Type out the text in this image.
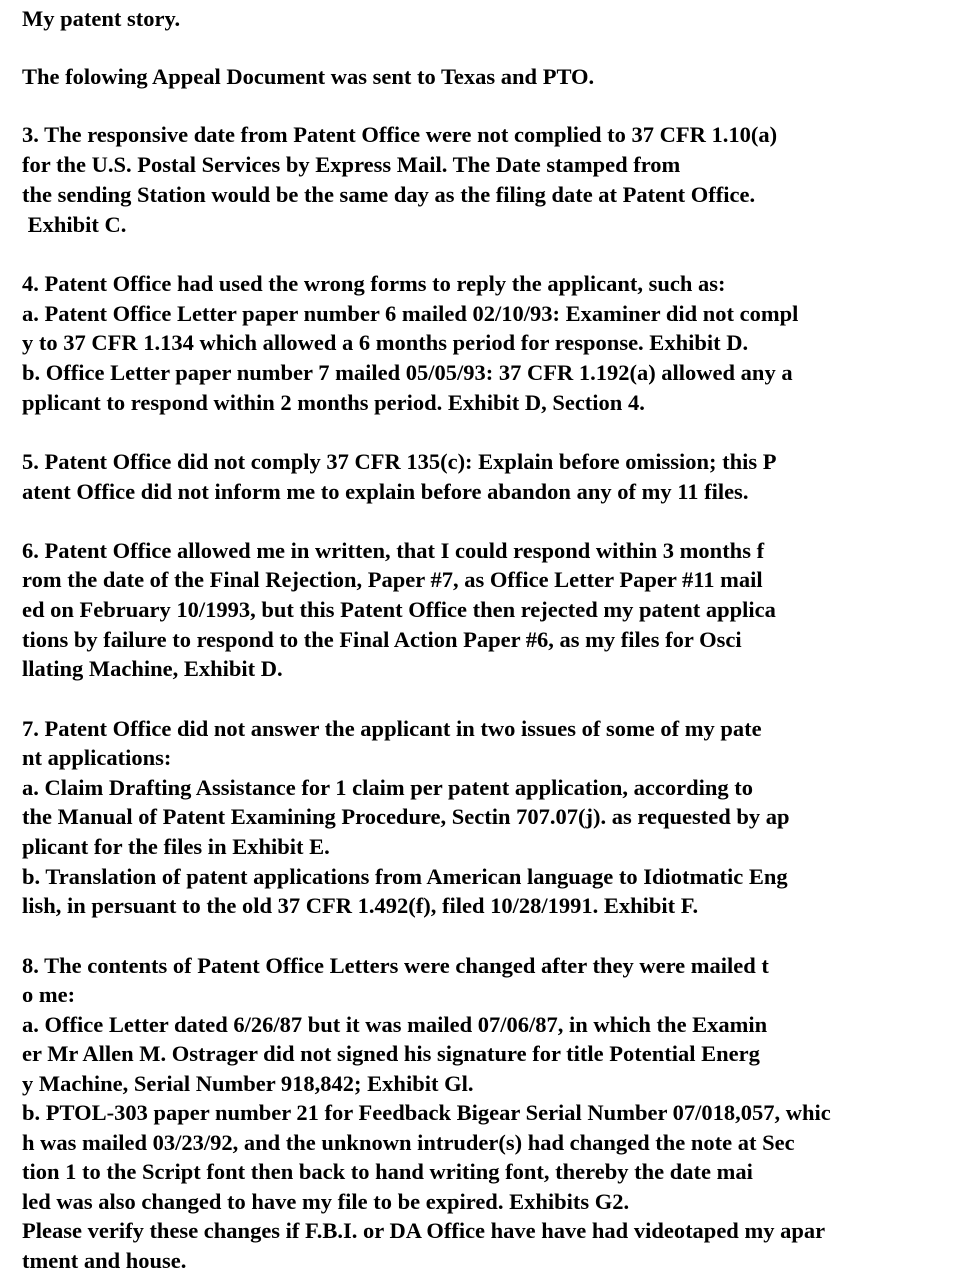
My patent story.

The folowing Appeal Document was sent to Texas and PTO.

3. The responsive date from Patent Office were not complied to 37 CFR 1.10(a)

for the U.S. Postal Services by Express Mail. The Date stamped from

the sending Station would be the same day as the filing date at Patent Office.

Exhibit C.

4. Patent Office had used the wrong forms to reply the applicant, such as:

a. Patent Office Letter paper number 6 mailed 02/10/93: Examiner did not compl

y to 37 CFR 1.134 which allowed a 6 months period for response. Exhibit D.

b. Office Letter paper number 7 mailed 05/05/93: 37 CFR 1.192(a) allowed any a

pplicant to respond within 2 months period. Exhibit D, Section 4.

5. Patent Office did not comply 37 CFR 135(c): Explain before omission; this P

atent Office did not inform me to explain before abandon any of my 11 files.

6. Patent Office allowed me in written, that I could respond within 3 months f

rom the date of the Final Rejection, Paper #7, as Office Letter Paper #11 mail

ed on February 10/1993, but this Patent Office then rejected my patent applica

tions by failure to respond to the Final Action Paper #6, as my files for Osci

llating Machine, Exhibit D.

7. Patent Office did not answer the applicant in two issues of some of my pate

nt applications:

a. Claim Drafting Assistance for 1 claim per patent application, according to

the Manual of Patent Examining Procedure, Sectin 707.07(j). as requested by ap

plicant for the files in Exhibit E.

b. Translation of patent applications from American language to Idiotmatic Eng

lish, in persuant to the old 37 CFR 1.492(f), filed 10/28/1991. Exhibit F.

8. The contents of Patent Office Letters were changed after they were mailed t

o me:

a. Office Letter dated 6/26/87 but it was mailed 07/06/87, in which the Examin

er Mr Allen M. Ostrager did not signed his signature for title Potential Energ

y Machine, Serial Number 918,842; Exhibit Gl.

b. PTOL-303 paper number 21 for Feedback Bigear Serial Number 07/018,057, whic

h was mailed 03/23/92, and the unknown intruder(s) had changed the note at Sec

tion 1 to the Script font then back to hand writing font, thereby the date mai

led was also changed to have my file to be expired. Exhibits G2.

Please verify these changes if F.B.I. or DA Office have have had videotaped my apar

tment and house.
